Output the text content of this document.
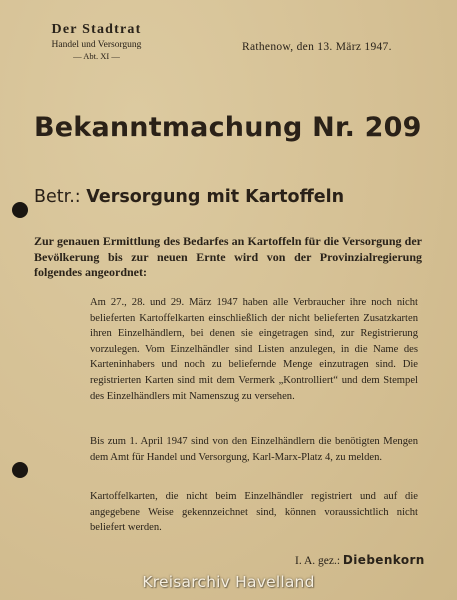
Der Stadtrat
Handel und Versorgung
— Abt. XI —
Rathenow, den 13. März 1947.
Bekanntmachung Nr. 209
Betr.: Versorgung mit Kartoffeln
Zur genauen Ermittlung des Bedarfes an Kartoffeln für die Versorgung der Bevölkerung bis zur neuen Ernte wird von der Provinzialregierung folgendes angeordnet:
Am 27., 28. und 29. März 1947 haben alle Verbraucher ihre noch nicht belieferten Kartoffelkarten einschließlich der nicht belieferten Zusatzkarten ihren Einzelhändlern, bei denen sie eingetragen sind, zur Registrierung vorzulegen. Vom Einzelhändler sind Listen anzulegen, in die Name des Karteninhabers und noch zu beliefernde Menge einzutragen sind. Die registrierten Karten sind mit dem Vermerk „Kontrolliert“ und dem Stempel des Einzelhändlers mit Namenszug zu versehen.
Bis zum 1. April 1947 sind von den Einzelhändlern die benötigten Mengen dem Amt für Handel und Versorgung, Karl-Marx-Platz 4, zu melden.
Kartoffelkarten, die nicht beim Einzelhändler registriert und auf die angegebene Weise gekennzeichnet sind, können voraussichtlich nicht beliefert werden.
I. A. gez.: Diebenkorn
Kreisarchiv Havelland
